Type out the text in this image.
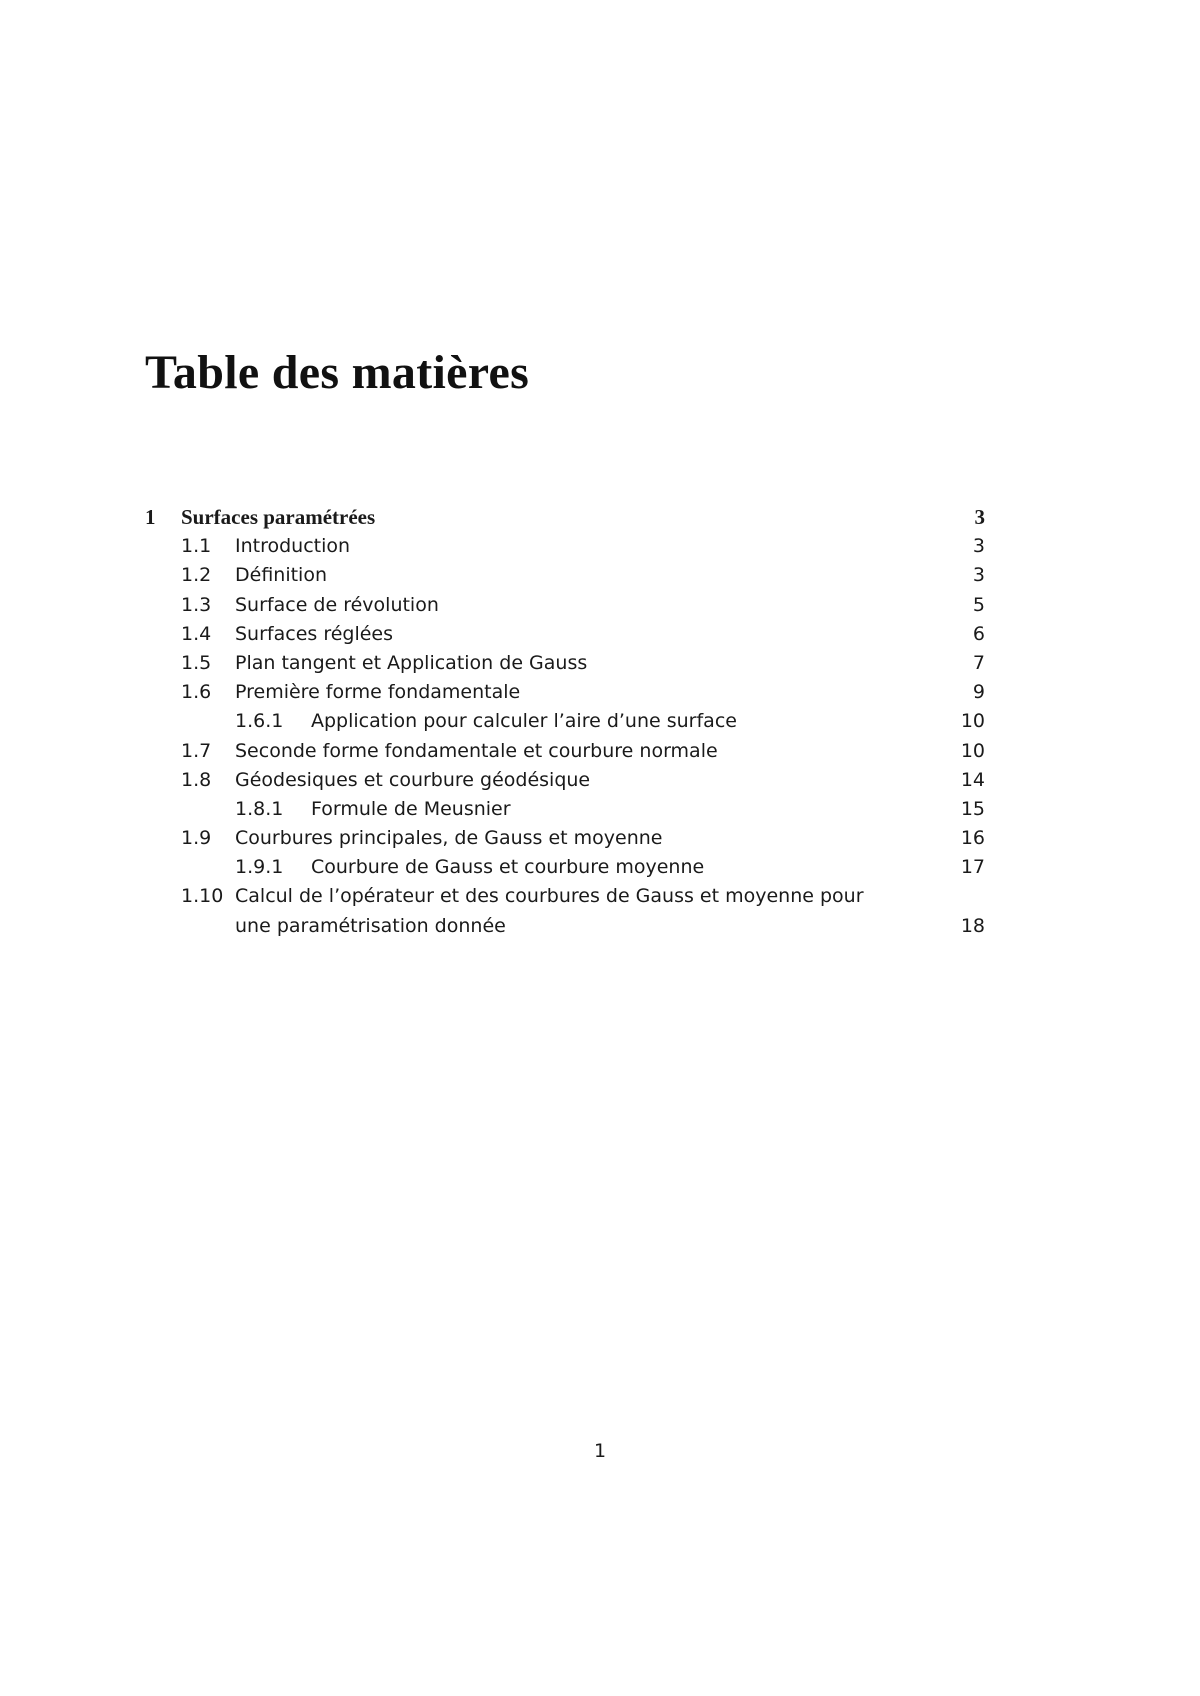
Table des matières
1 Surfaces paramétrées	3
1.1 Introduction	3
1.2 Définition	3
1.3 Surface de révolution	5
1.4 Surfaces réglées	6
1.5 Plan tangent et Application de Gauss	7
1.6 Première forme fondamentale	9
1.6.1 Application pour calculer l’aire d’une surface	10
1.7 Seconde forme fondamentale et courbure normale	10
1.8 Géodesiques et courbure géodésique	14
1.8.1 Formule de Meusnier	15
1.9 Courbures principales, de Gauss et moyenne	16
1.9.1 Courbure de Gauss et courbure moyenne	17
1.10 Calcul de l’opérateur et des courbures de Gauss et moyenne pour
une paramétrisation donnée	18
1
